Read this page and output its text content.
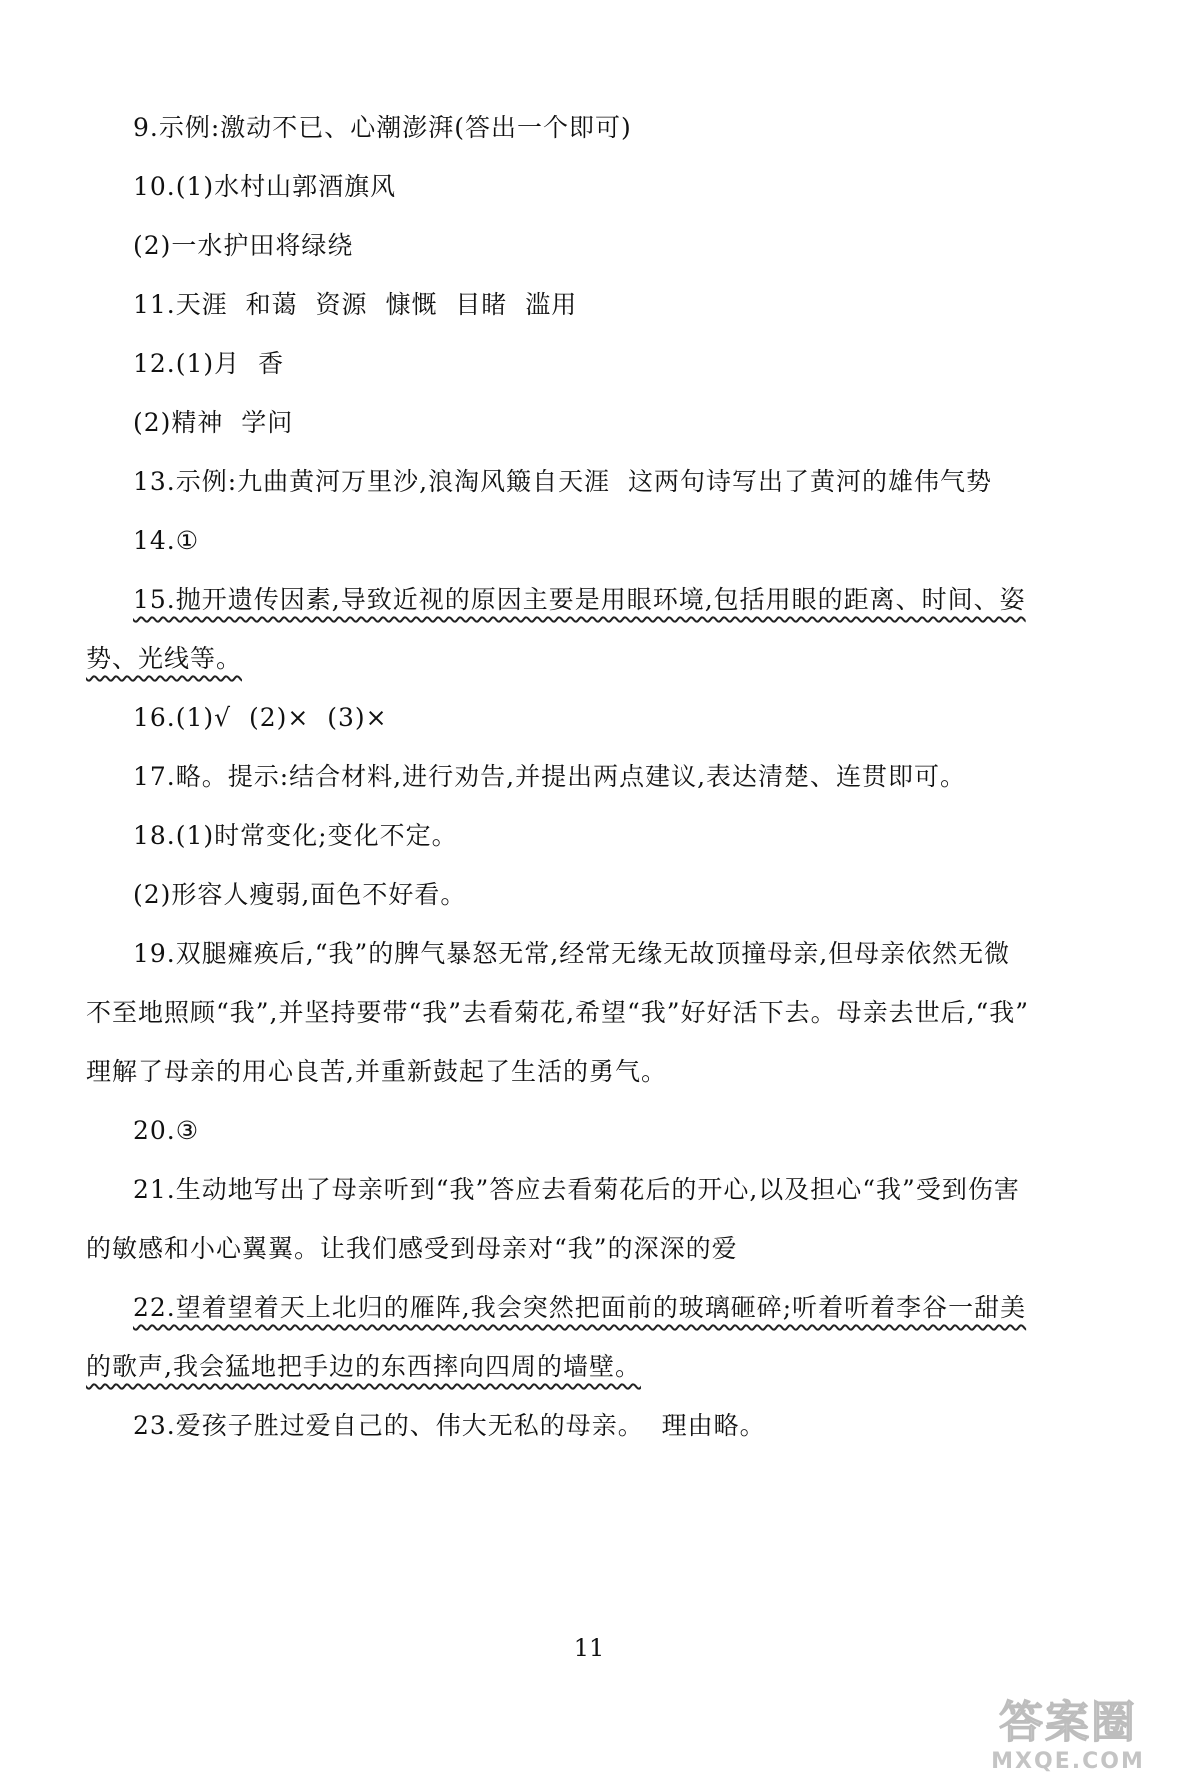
9.示例:激动不已、心潮澎湃(答出一个即可)
10.(1)水村山郭酒旗风
(2)一水护田将绿绕
11.天涯  和蔼  资源  慷慨  目睹  滥用
12.(1)月  香
(2)精神  学问
13.示例:九曲黄河万里沙,浪淘风簸自天涯  这两句诗写出了黄河的雄伟气势
14.①
15.抛开遗传因素,导致近视的原因主要是用眼环境,包括用眼的距离、时间、姿
势、光线等。
16.(1)√  (2)×  (3)×
17.略。提示:结合材料,进行劝告,并提出两点建议,表达清楚、连贯即可。
18.(1)时常变化;变化不定。
(2)形容人瘦弱,面色不好看。
19.双腿瘫痪后,“我”的脾气暴怒无常,经常无缘无故顶撞母亲,但母亲依然无微
不至地照顾“我”,并坚持要带“我”去看菊花,希望“我”好好活下去。母亲去世后,“我”
理解了母亲的用心良苦,并重新鼓起了生活的勇气。
20.③
21.生动地写出了母亲听到“我”答应去看菊花后的开心,以及担心“我”受到伤害
的敏感和小心翼翼。让我们感受到母亲对“我”的深深的爱
22.望着望着天上北归的雁阵,我会突然把面前的玻璃砸碎;听着听着李谷一甜美
的歌声,我会猛地把手边的东西摔向四周的墙壁。
23.爱孩子胜过爱自己的、伟大无私的母亲。  理由略。
11
答案圈
MXQE.COM
